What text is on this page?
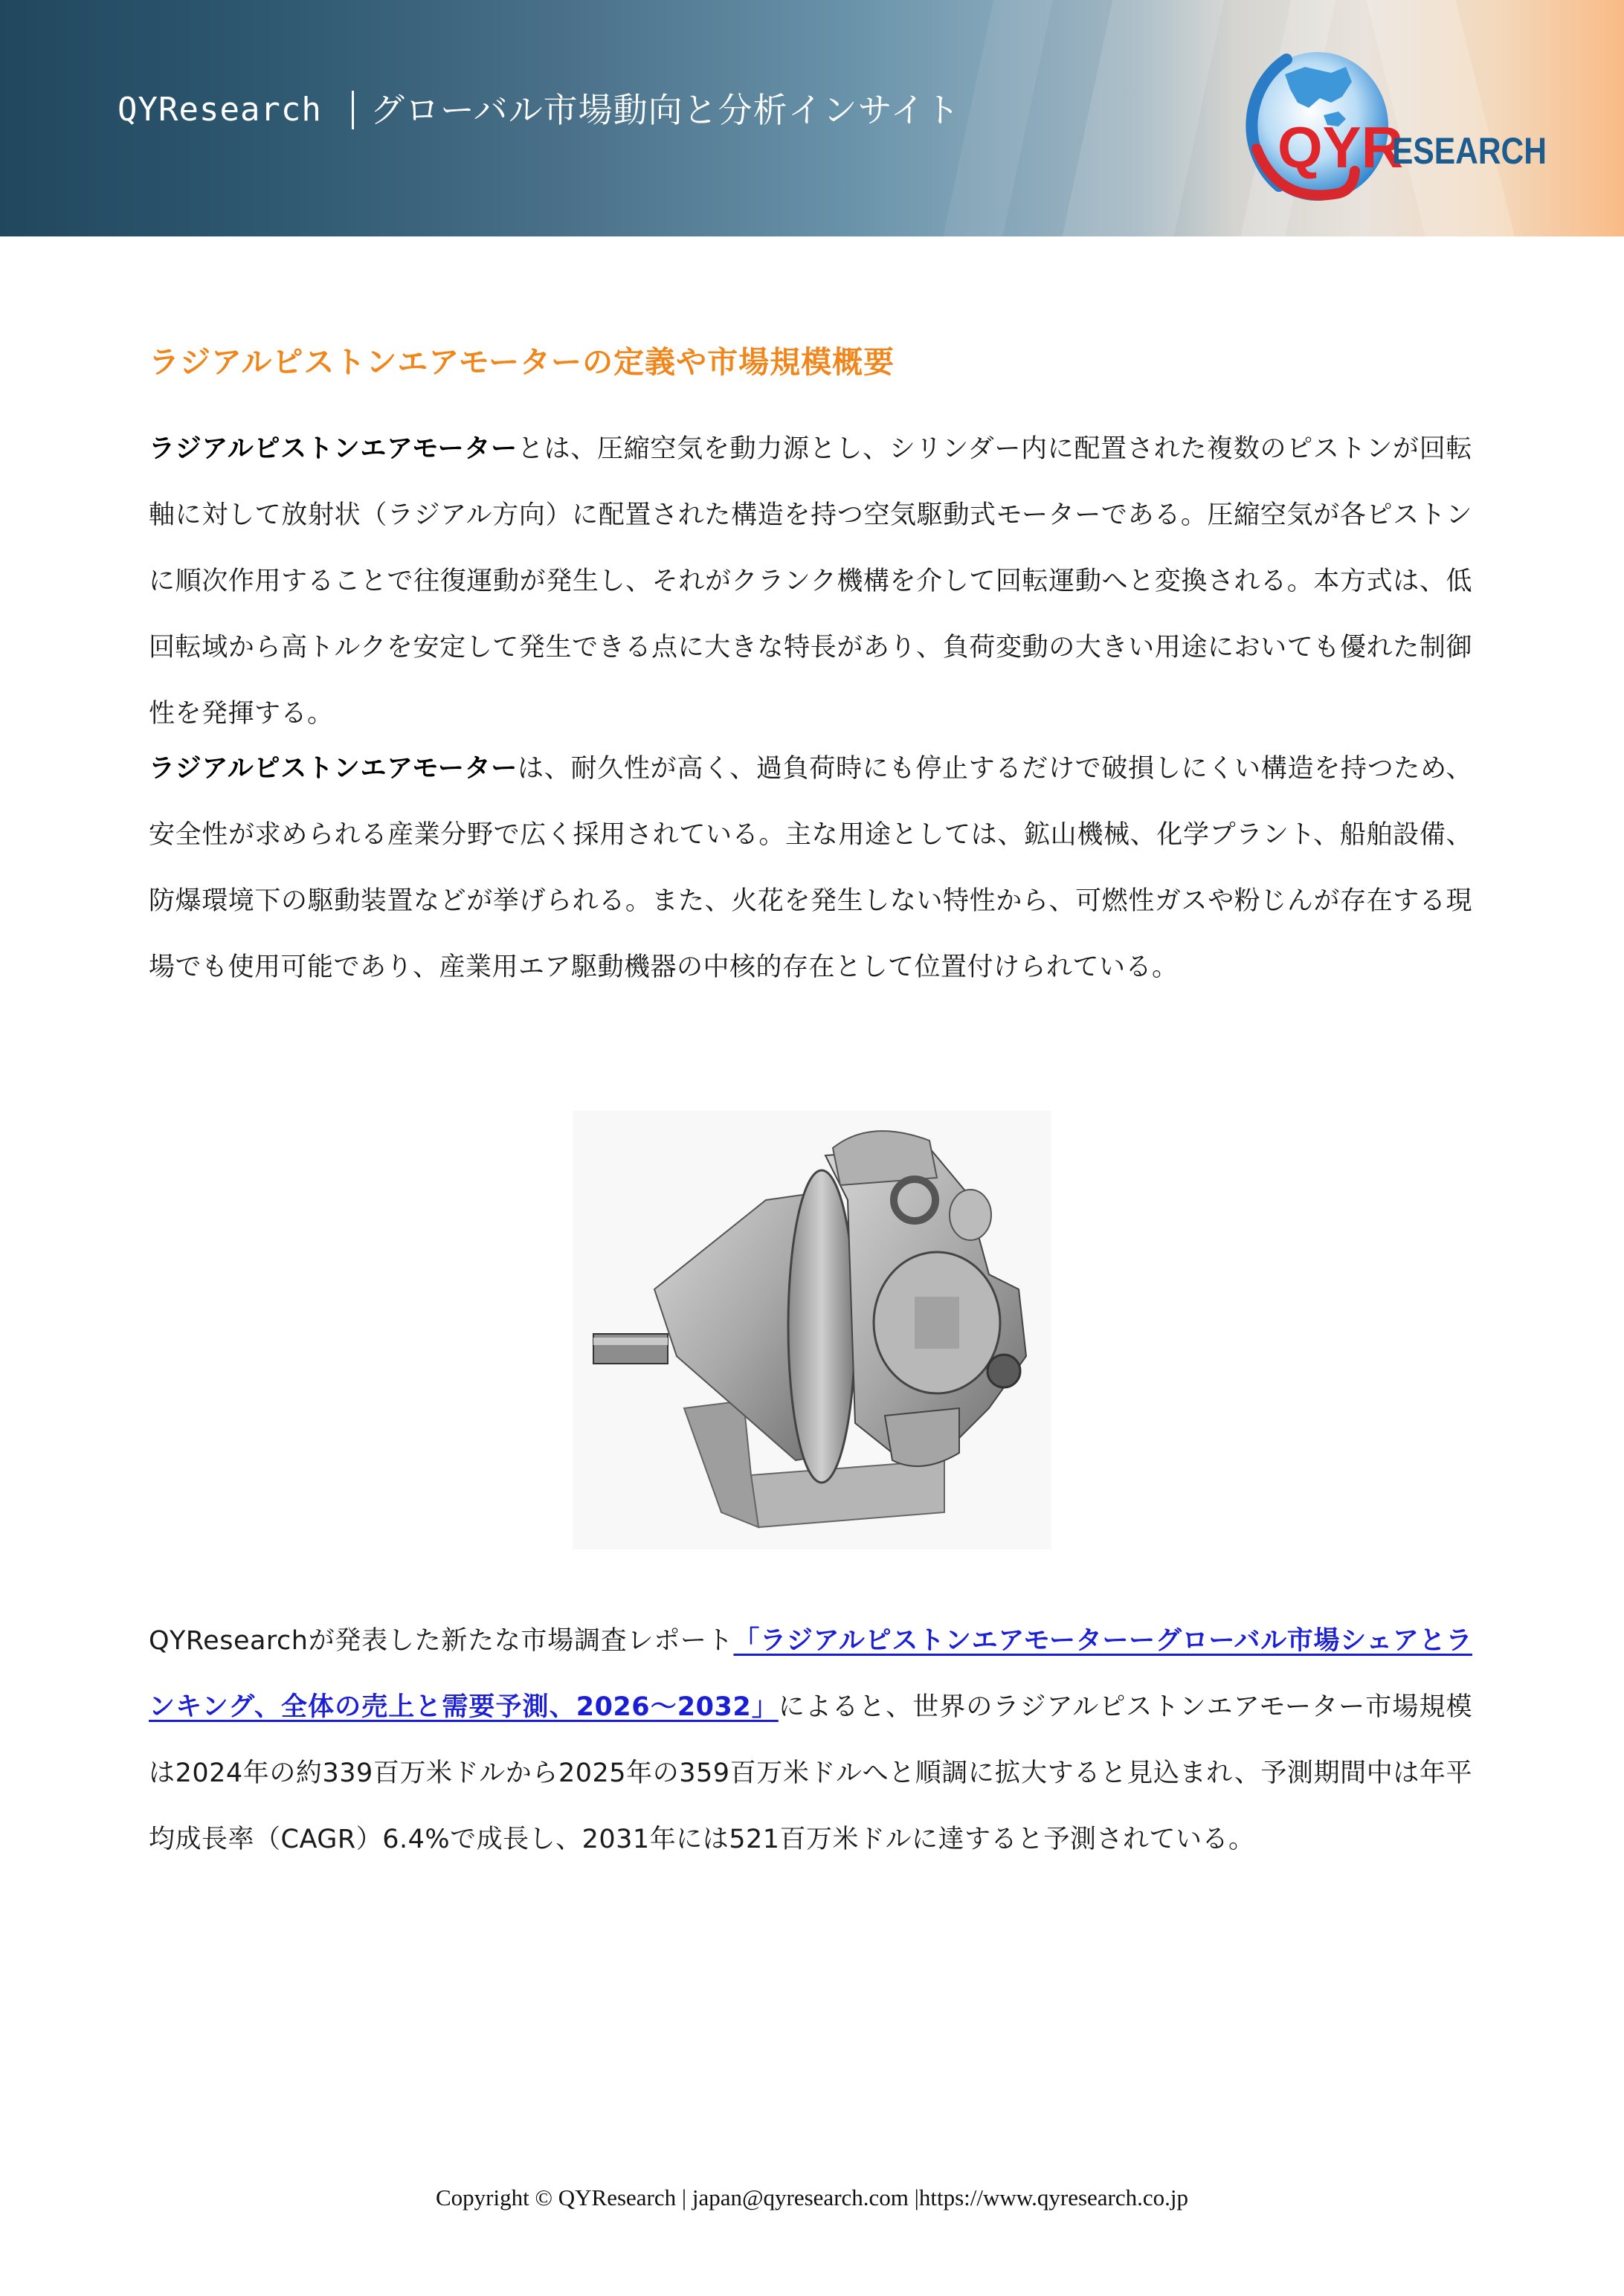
QYResearch グローバル市場動向と分析インサイト
QYR
ESEARCH
ラジアルピストンエアモーターの定義や市場規模概要

ラジアルピストンエアモーターとは、圧縮空気を動力源とし、シリンダー内に配置された複数のピストンが回転軸に対して放射状（ラジアル方向）に配置された構造を持つ空気駆動式モーターである。圧縮空気が各ピストンに順次作用することで往復運動が発生し、それがクランク機構を介して回転運動へと変換される。本方式は、低回転域から高トルクを安定して発生できる点に大きな特長があり、負荷変動の大きい用途においても優れた制御性を発揮する。

ラジアルピストンエアモーターは、耐久性が高く、過負荷時にも停止するだけで破損しにくい構造を持つため、安全性が求められる産業分野で広く採用されている。主な用途としては、鉱山機械、化学プラント、船舶設備、防爆環境下の駆動装置などが挙げられる。また、火花を発生しない特性から、可燃性ガスや粉じんが存在する現場でも使用可能であり、産業用エア駆動機器の中核的存在として位置付けられている。

QYResearchが発表した新たな市場調査レポート「ラジアルピストンエアモーターーグローバル市場シェアとランキング、全体の売上と需要予測、2026～2032」によると、世界のラジアルピストンエアモーター市場規模は2024年の約339百万米ドルから2025年の359百万米ドルへと順調に拡大すると見込まれ、予測期間中は年平均成長率（CAGR）6.4%で成長し、2031年には521百万米ドルに達すると予測されている。

Copyright © QYResearch | japan@qyresearch.com |https://www.qyresearch.co.jp
